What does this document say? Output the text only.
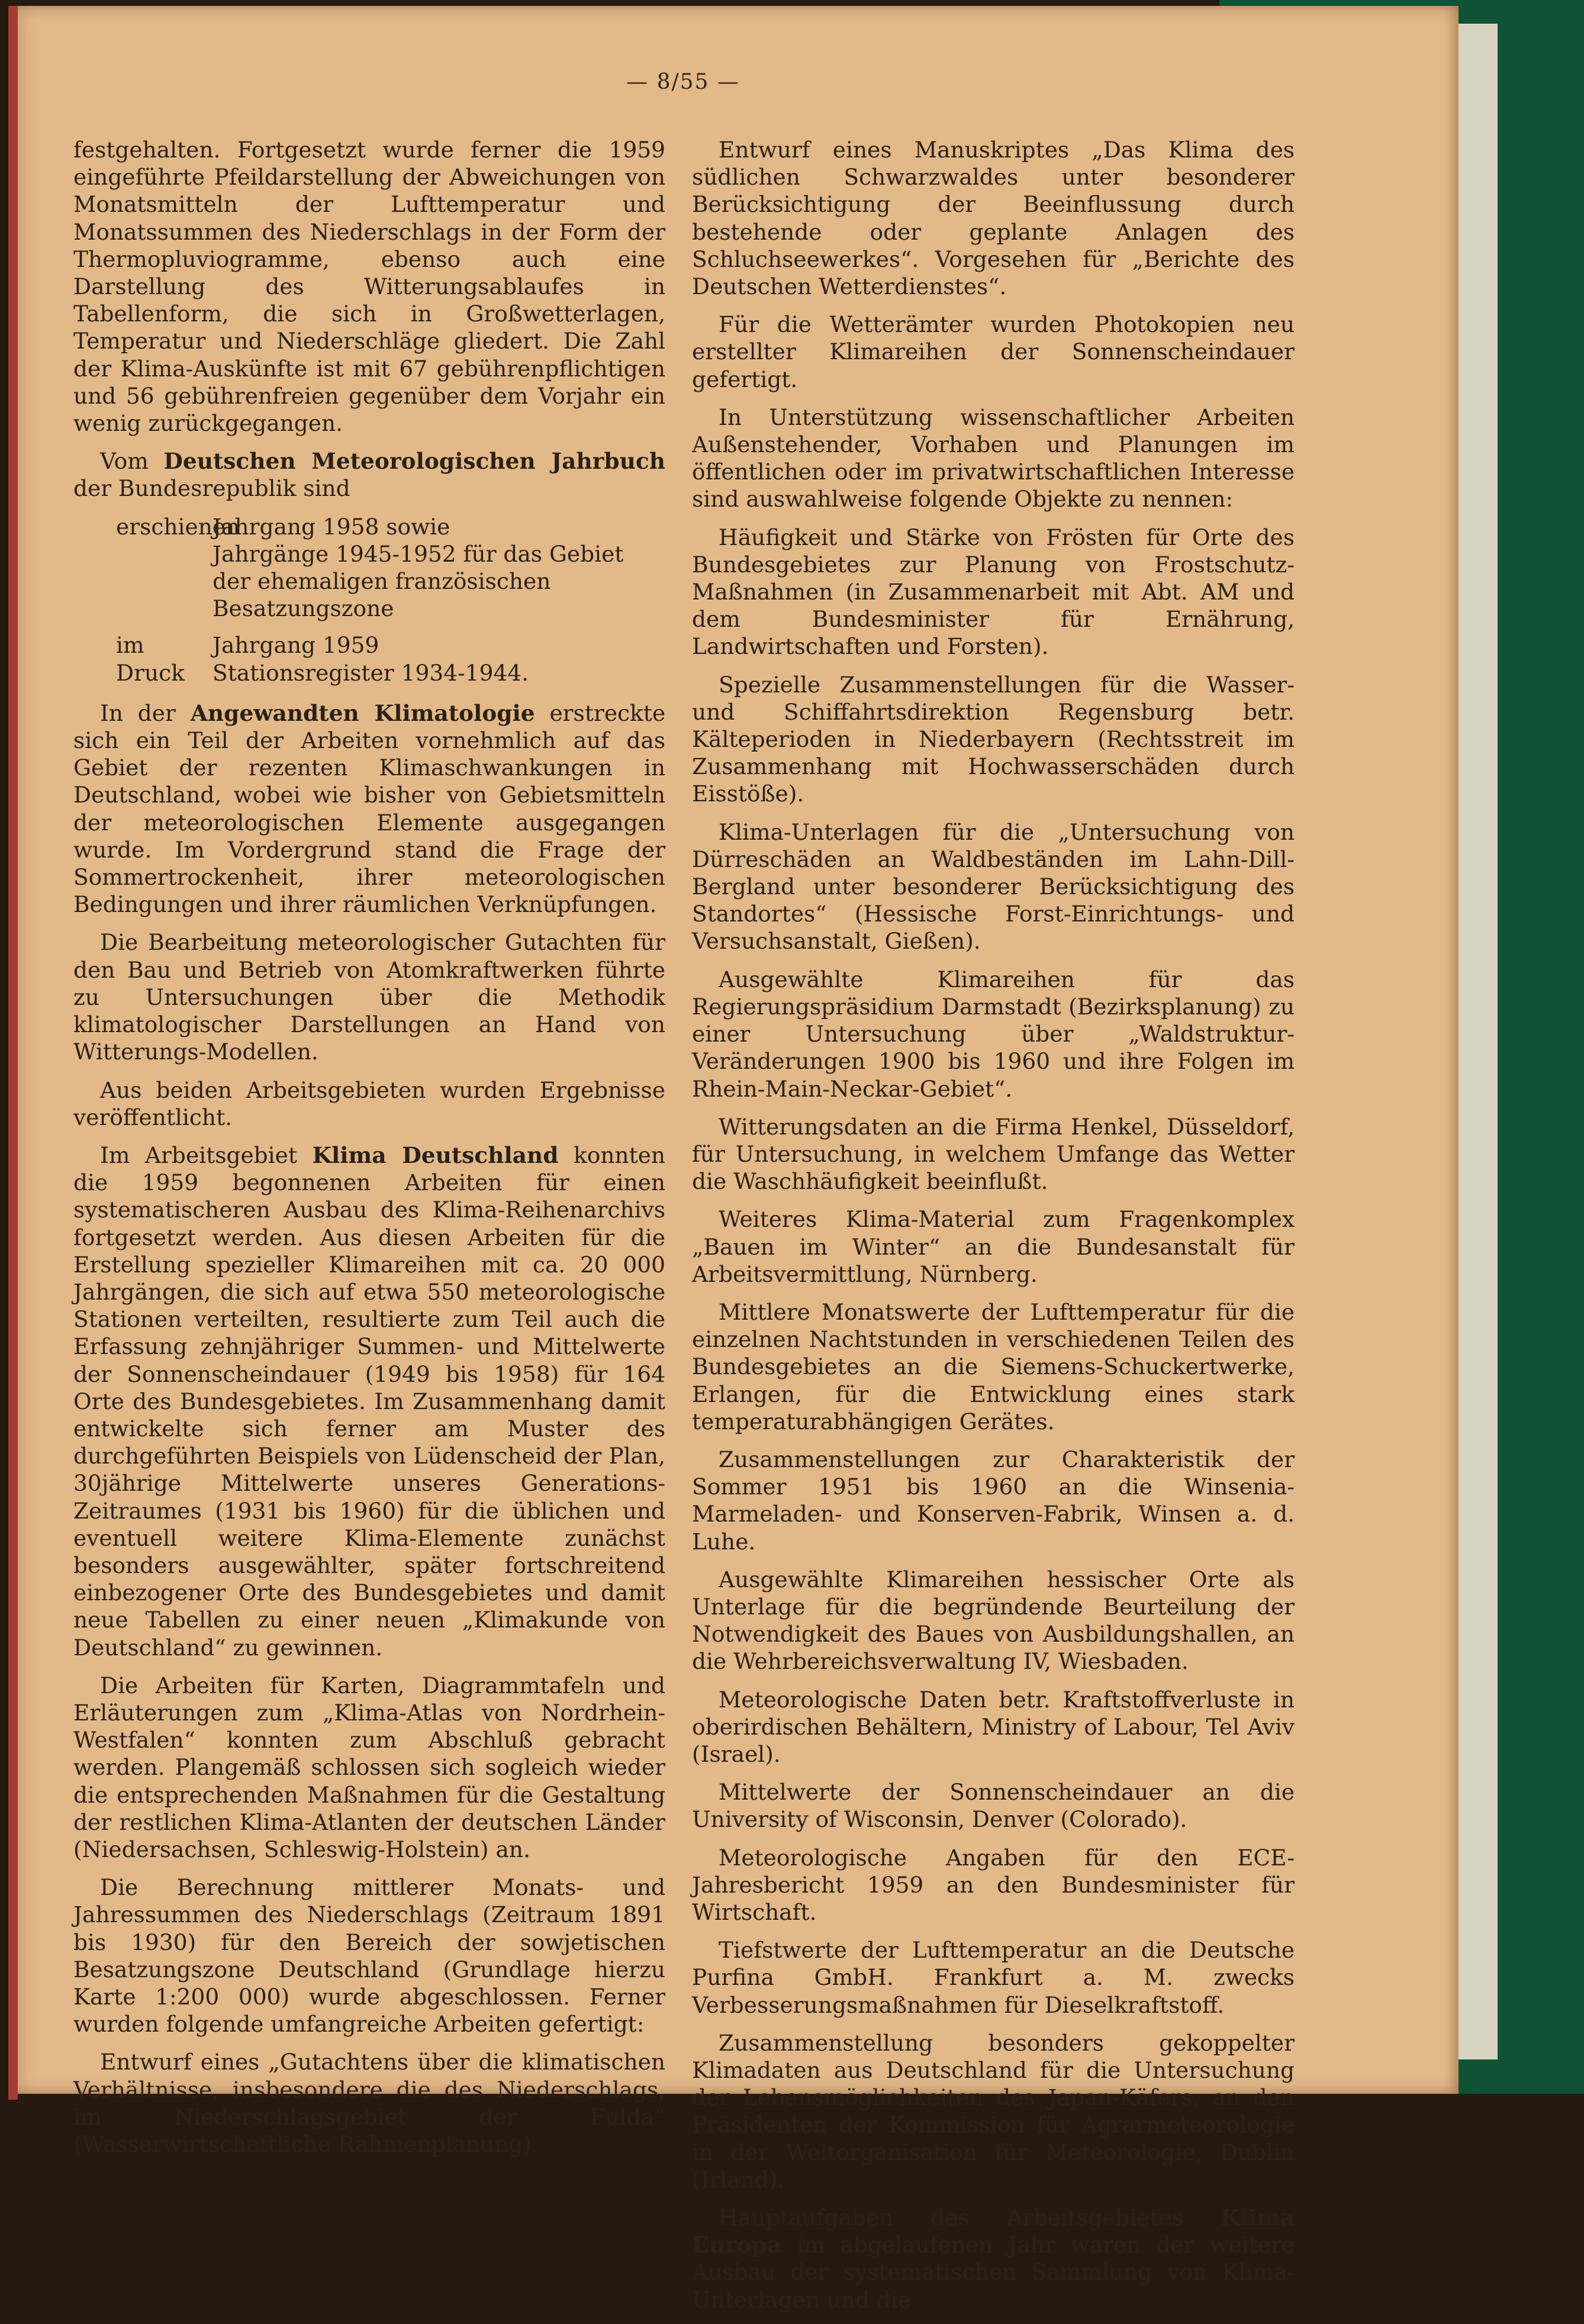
— 8/55 —

festgehalten. Fortgesetzt wurde ferner die 1959 eingeführte Pfeildarstellung der Abweichungen von Monatsmitteln der Lufttemperatur und Monatssummen des Niederschlags in der Form der Thermopluviogramme, ebenso auch eine Darstellung des Witterungsablaufes in Tabellenform, die sich in Großwetterlagen, Temperatur und Niederschläge gliedert. Die Zahl der Klima-Auskünfte ist mit 67 gebührenpflichtigen und 56 gebührenfreien gegenüber dem Vorjahr ein wenig zurückgegangen.

Vom Deutschen Meteorologischen Jahrbuch der Bundesrepublik sind

erschienen
Jahrgang 1958 sowie
Jahrgänge 1945-1952 für das Gebiet der ehemaligen französischen Besatzungszone
im Druck
Jahrgang 1959
Stationsregister 1934-1944.

In der Angewandten Klimatologie erstreckte sich ein Teil der Arbeiten vornehmlich auf das Gebiet der rezenten Klimaschwankungen in Deutschland, wobei wie bisher von Gebietsmitteln der meteorologischen Elemente ausgegangen wurde. Im Vordergrund stand die Frage der Sommertrockenheit, ihrer meteorologischen Bedingungen und ihrer räumlichen Verknüpfungen.

Die Bearbeitung meteorologischer Gutachten für den Bau und Betrieb von Atomkraftwerken führte zu Untersuchungen über die Methodik klimatologischer Darstellungen an Hand von Witterungs-Modellen.

Aus beiden Arbeitsgebieten wurden Ergebnisse veröffentlicht.

Im Arbeitsgebiet Klima Deutschland konnten die 1959 begonnenen Arbeiten für einen systematischeren Ausbau des Klima-Reihenarchivs fortgesetzt werden. Aus diesen Arbeiten für die Erstellung spezieller Klimareihen mit ca. 20 000 Jahrgängen, die sich auf etwa 550 meteorologische Stationen verteilten, resultierte zum Teil auch die Erfassung zehnjähriger Summen- und Mittelwerte der Sonnenscheindauer (1949 bis 1958) für 164 Orte des Bundesgebietes. Im Zusammenhang damit entwickelte sich ferner am Muster des durchgeführten Beispiels von Lüdenscheid der Plan, 30jährige Mittelwerte unseres Generations-Zeitraumes (1931 bis 1960) für die üblichen und eventuell weitere Klima-Elemente zunächst besonders ausgewählter, später fortschreitend einbezogener Orte des Bundesgebietes und damit neue Tabellen zu einer neuen „Klimakunde von Deutschland“ zu gewinnen.

Die Arbeiten für Karten, Diagrammtafeln und Erläuterungen zum „Klima-Atlas von Nordrhein-Westfalen“ konnten zum Abschluß gebracht werden. Plangemäß schlossen sich sogleich wieder die entsprechenden Maßnahmen für die Gestaltung der restlichen Klima-Atlanten der deutschen Länder (Niedersachsen, Schleswig-Holstein) an.

Die Berechnung mittlerer Monats- und Jahressummen des Niederschlags (Zeitraum 1891 bis 1930) für den Bereich der sowjetischen Besatzungszone Deutschland (Grundlage hierzu Karte 1:200 000) wurde abgeschlossen. Ferner wurden folgende umfangreiche Arbeiten gefertigt:

Entwurf eines „Gutachtens über die klimatischen Verhältnisse, insbesondere die des Niederschlags, im Niederschlagsgebiet der Fulda“ (Wasserwirtschaftliche Rahmenplanung).

Entwurf eines Manuskriptes „Das Klima des südlichen Schwarzwaldes unter besonderer Berücksichtigung der Beeinflussung durch bestehende oder geplante Anlagen des Schluchseewerkes“. Vorgesehen für „Berichte des Deutschen Wetterdienstes“.

Für die Wetterämter wurden Photokopien neu erstellter Klimareihen der Sonnenscheindauer gefertigt.

In Unterstützung wissenschaftlicher Arbeiten Außenstehender, Vorhaben und Planungen im öffentlichen oder im privatwirtschaftlichen Interesse sind auswahlweise folgende Objekte zu nennen:

Häufigkeit und Stärke von Frösten für Orte des Bundesgebietes zur Planung von Frostschutz-Maßnahmen (in Zusammenarbeit mit Abt. AM und dem Bundesminister für Ernährung, Landwirtschaften und Forsten).

Spezielle Zusammenstellungen für die Wasser- und Schiffahrtsdirektion Regensburg betr. Kälteperioden in Niederbayern (Rechtsstreit im Zusammenhang mit Hochwasserschäden durch Eisstöße).

Klima-Unterlagen für die „Untersuchung von Dürreschäden an Waldbeständen im Lahn-Dill-Bergland unter besonderer Berücksichtigung des Standortes“ (Hessische Forst-Einrichtungs- und Versuchsanstalt, Gießen).

Ausgewählte Klimareihen für das Regierungspräsidium Darmstadt (Bezirksplanung) zu einer Untersuchung über „Waldstruktur-Veränderungen 1900 bis 1960 und ihre Folgen im Rhein-Main-Neckar-Gebiet“.

Witterungsdaten an die Firma Henkel, Düsseldorf, für Untersuchung, in welchem Umfange das Wetter die Waschhäufigkeit beeinflußt.

Weiteres Klima-Material zum Fragenkomplex „Bauen im Winter“ an die Bundesanstalt für Arbeitsvermittlung, Nürnberg.

Mittlere Monatswerte der Lufttemperatur für die einzelnen Nachtstunden in verschiedenen Teilen des Bundesgebietes an die Siemens-Schuckertwerke, Erlangen, für die Entwicklung eines stark temperaturabhängigen Gerätes.

Zusammenstellungen zur Charakteristik der Sommer 1951 bis 1960 an die Winsenia-Marmeladen- und Konserven-Fabrik, Winsen a. d. Luhe.

Ausgewählte Klimareihen hessischer Orte als Unterlage für die begründende Beurteilung der Notwendigkeit des Baues von Ausbildungshallen, an die Wehrbereichsverwaltung IV, Wiesbaden.

Meteorologische Daten betr. Kraftstoffverluste in oberirdischen Behältern, Ministry of Labour, Tel Aviv (Israel).

Mittelwerte der Sonnenscheindauer an die University of Wisconsin, Denver (Colorado).

Meteorologische Angaben für den ECE-Jahresbericht 1959 an den Bundesminister für Wirtschaft.

Tiefstwerte der Lufttemperatur an die Deutsche Purfina GmbH. Frankfurt a. M. zwecks Verbesserungsmaßnahmen für Dieselkraftstoff.

Zusammenstellung besonders gekoppelter Klimadaten aus Deutschland für die Untersuchung der Lebensmöglichkeiten des Japan-Käfers, an den Präsidenten der Kommission für Agrarmeteorologie in der Weltorganisation für Meteorologie, Dublin (Irland).

Hauptaufgaben des Arbeitsgebietes Klima Europa im abgelaufenen Jahr waren der weitere Ausbau der systematischen Sammlung von Klima-Unterlagen und die
